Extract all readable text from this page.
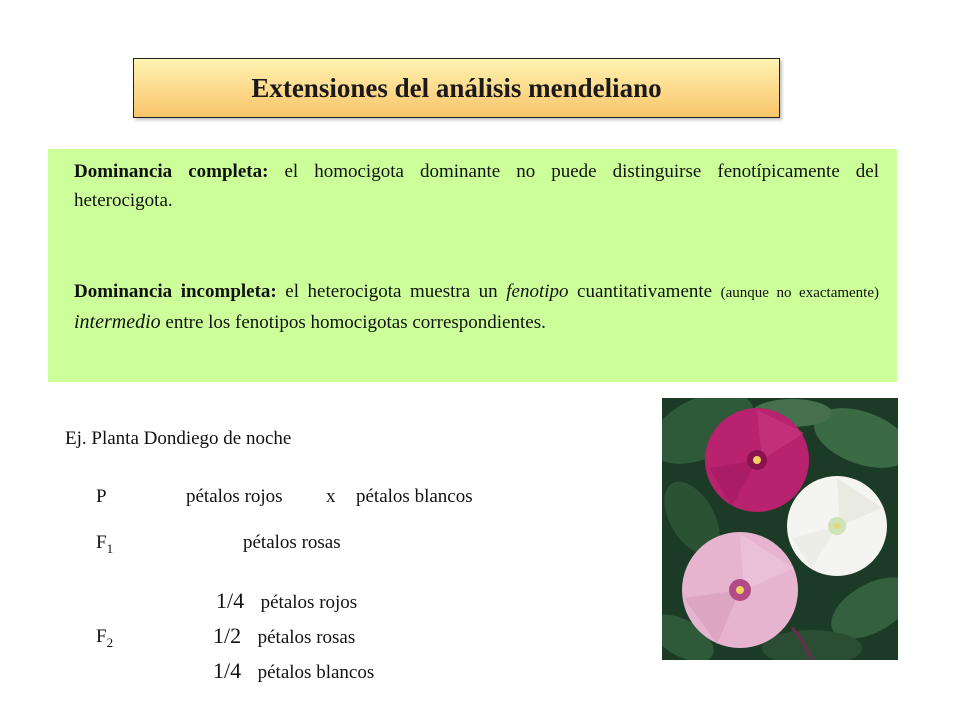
Extensiones del análisis mendeliano

Dominancia completa: el homocigota dominante no puede distinguirse fenotípicamente del heterocigota.

Dominancia incompleta: el heterocigota muestra un fenotipo cuantitativamente (aunque no exactamente) intermedio entre los fenotipos homocigotas correspondientes.

Ej. Planta Dondiego de noche

P	pétalos rojos x pétalos blancos
$F_1$	pétalos rosas
$F_2$
1/4 pétalos rojos
1/2 pétalos rosas
1/4 pétalos blancos
